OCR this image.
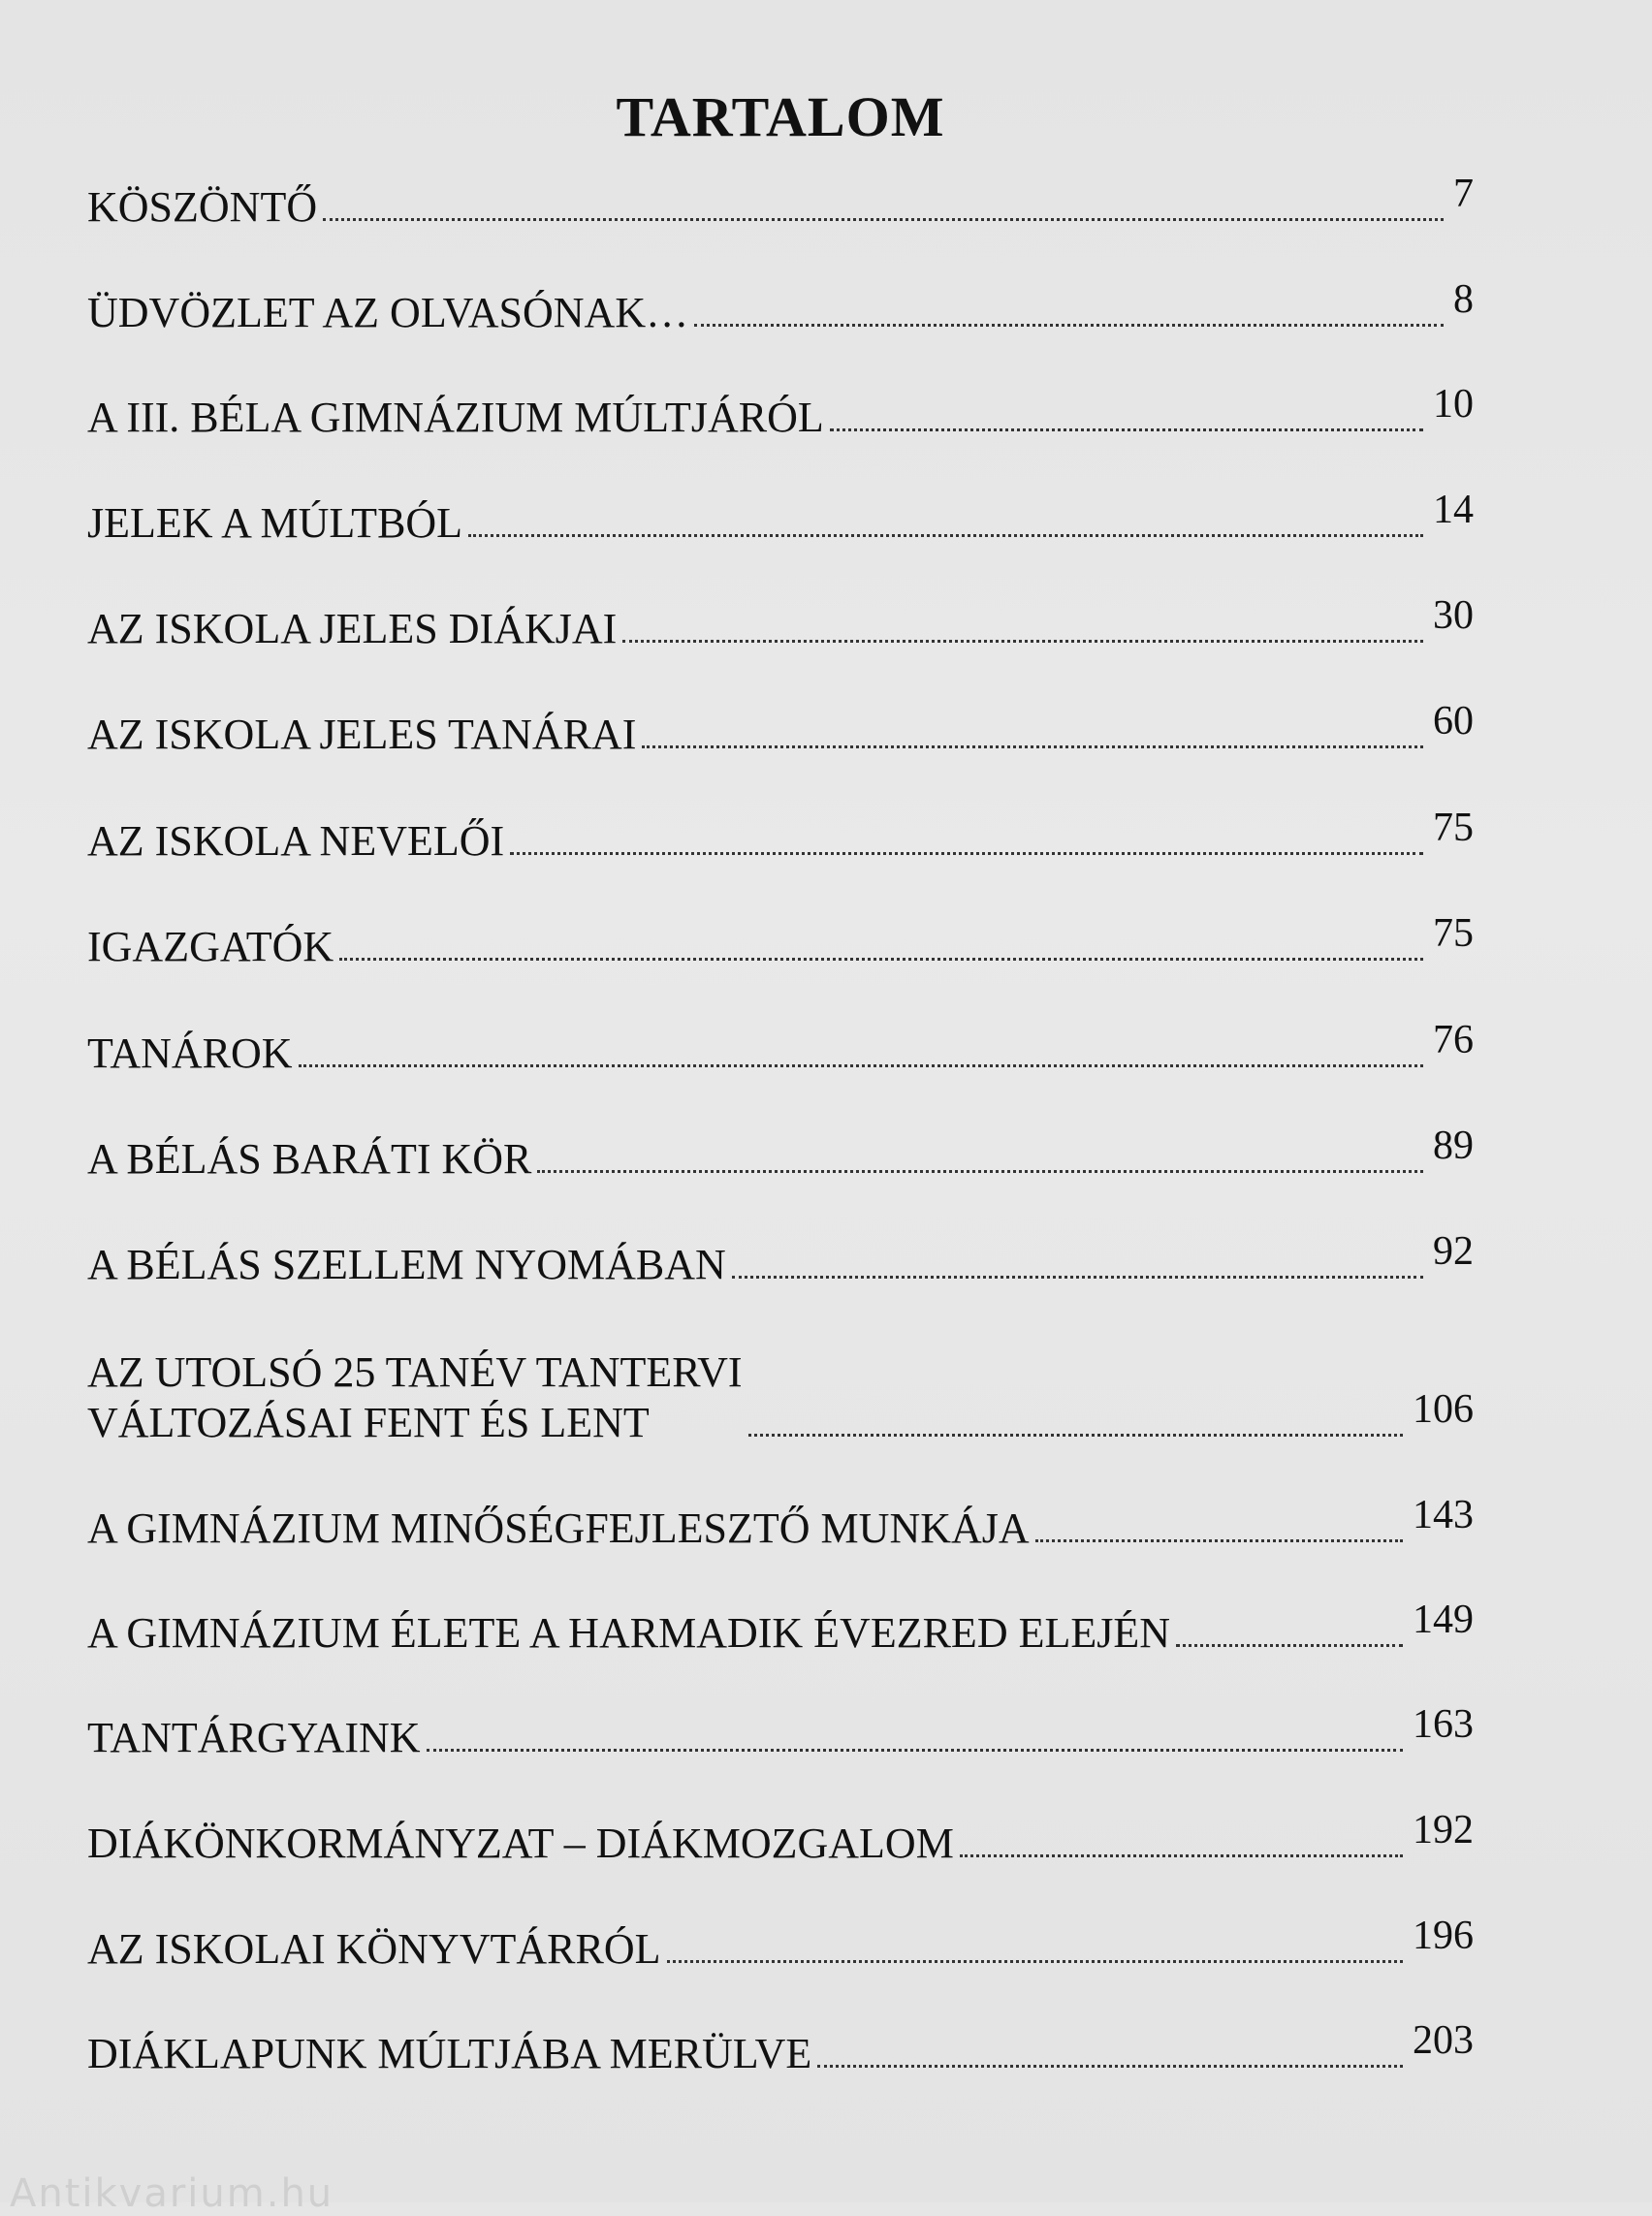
TARTALOM
KÖSZÖNTŐ	7
ÜDVÖZLET AZ OLVASÓNAK…	8
A III. BÉLA GIMNÁZIUM MÚLTJÁRÓL	10
JELEK A MÚLTBÓL	14
AZ ISKOLA JELES DIÁKJAI	30
AZ ISKOLA JELES TANÁRAI	60
AZ ISKOLA NEVELŐI	75
IGAZGATÓK	75
TANÁROK	76
A BÉLÁS BARÁTI KÖR	89
A BÉLÁS SZELLEM NYOMÁBAN	92
AZ UTOLSÓ 25 TANÉV TANTERVI
VÁLTOZÁSAI FENT ÉS LENT	106
A GIMNÁZIUM MINŐSÉGFEJLESZTŐ MUNKÁJA	143
A GIMNÁZIUM ÉLETE A HARMADIK ÉVEZRED ELEJÉN	149
TANTÁRGYAINK	163
DIÁKÖNKORMÁNYZAT – DIÁKMOZGALOM	192
AZ ISKOLAI KÖNYVTÁRRÓL	196
DIÁKLAPUNK MÚLTJÁBA MERÜLVE	203
Antikvarium.hu
